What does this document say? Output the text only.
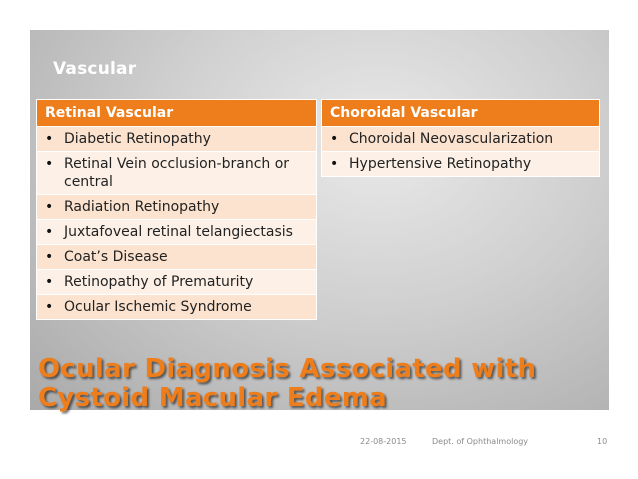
Vascular
Retinal Vascular

• Diabetic Retinopathy

• Retinal Vein occlusion-branch or central

• Radiation Retinopathy

• Juxtafoveal retinal telangiectasis

• Coat’s Disease

• Retinopathy of Prematurity

• Ocular Ischemic Syndrome
Choroidal Vascular

• Choroidal Neovascularization

• Hypertensive Retinopathy
Ocular Diagnosis Associated with
Cystoid Macular Edema
22-08-2015	Dept. of Ophthalmology	10
